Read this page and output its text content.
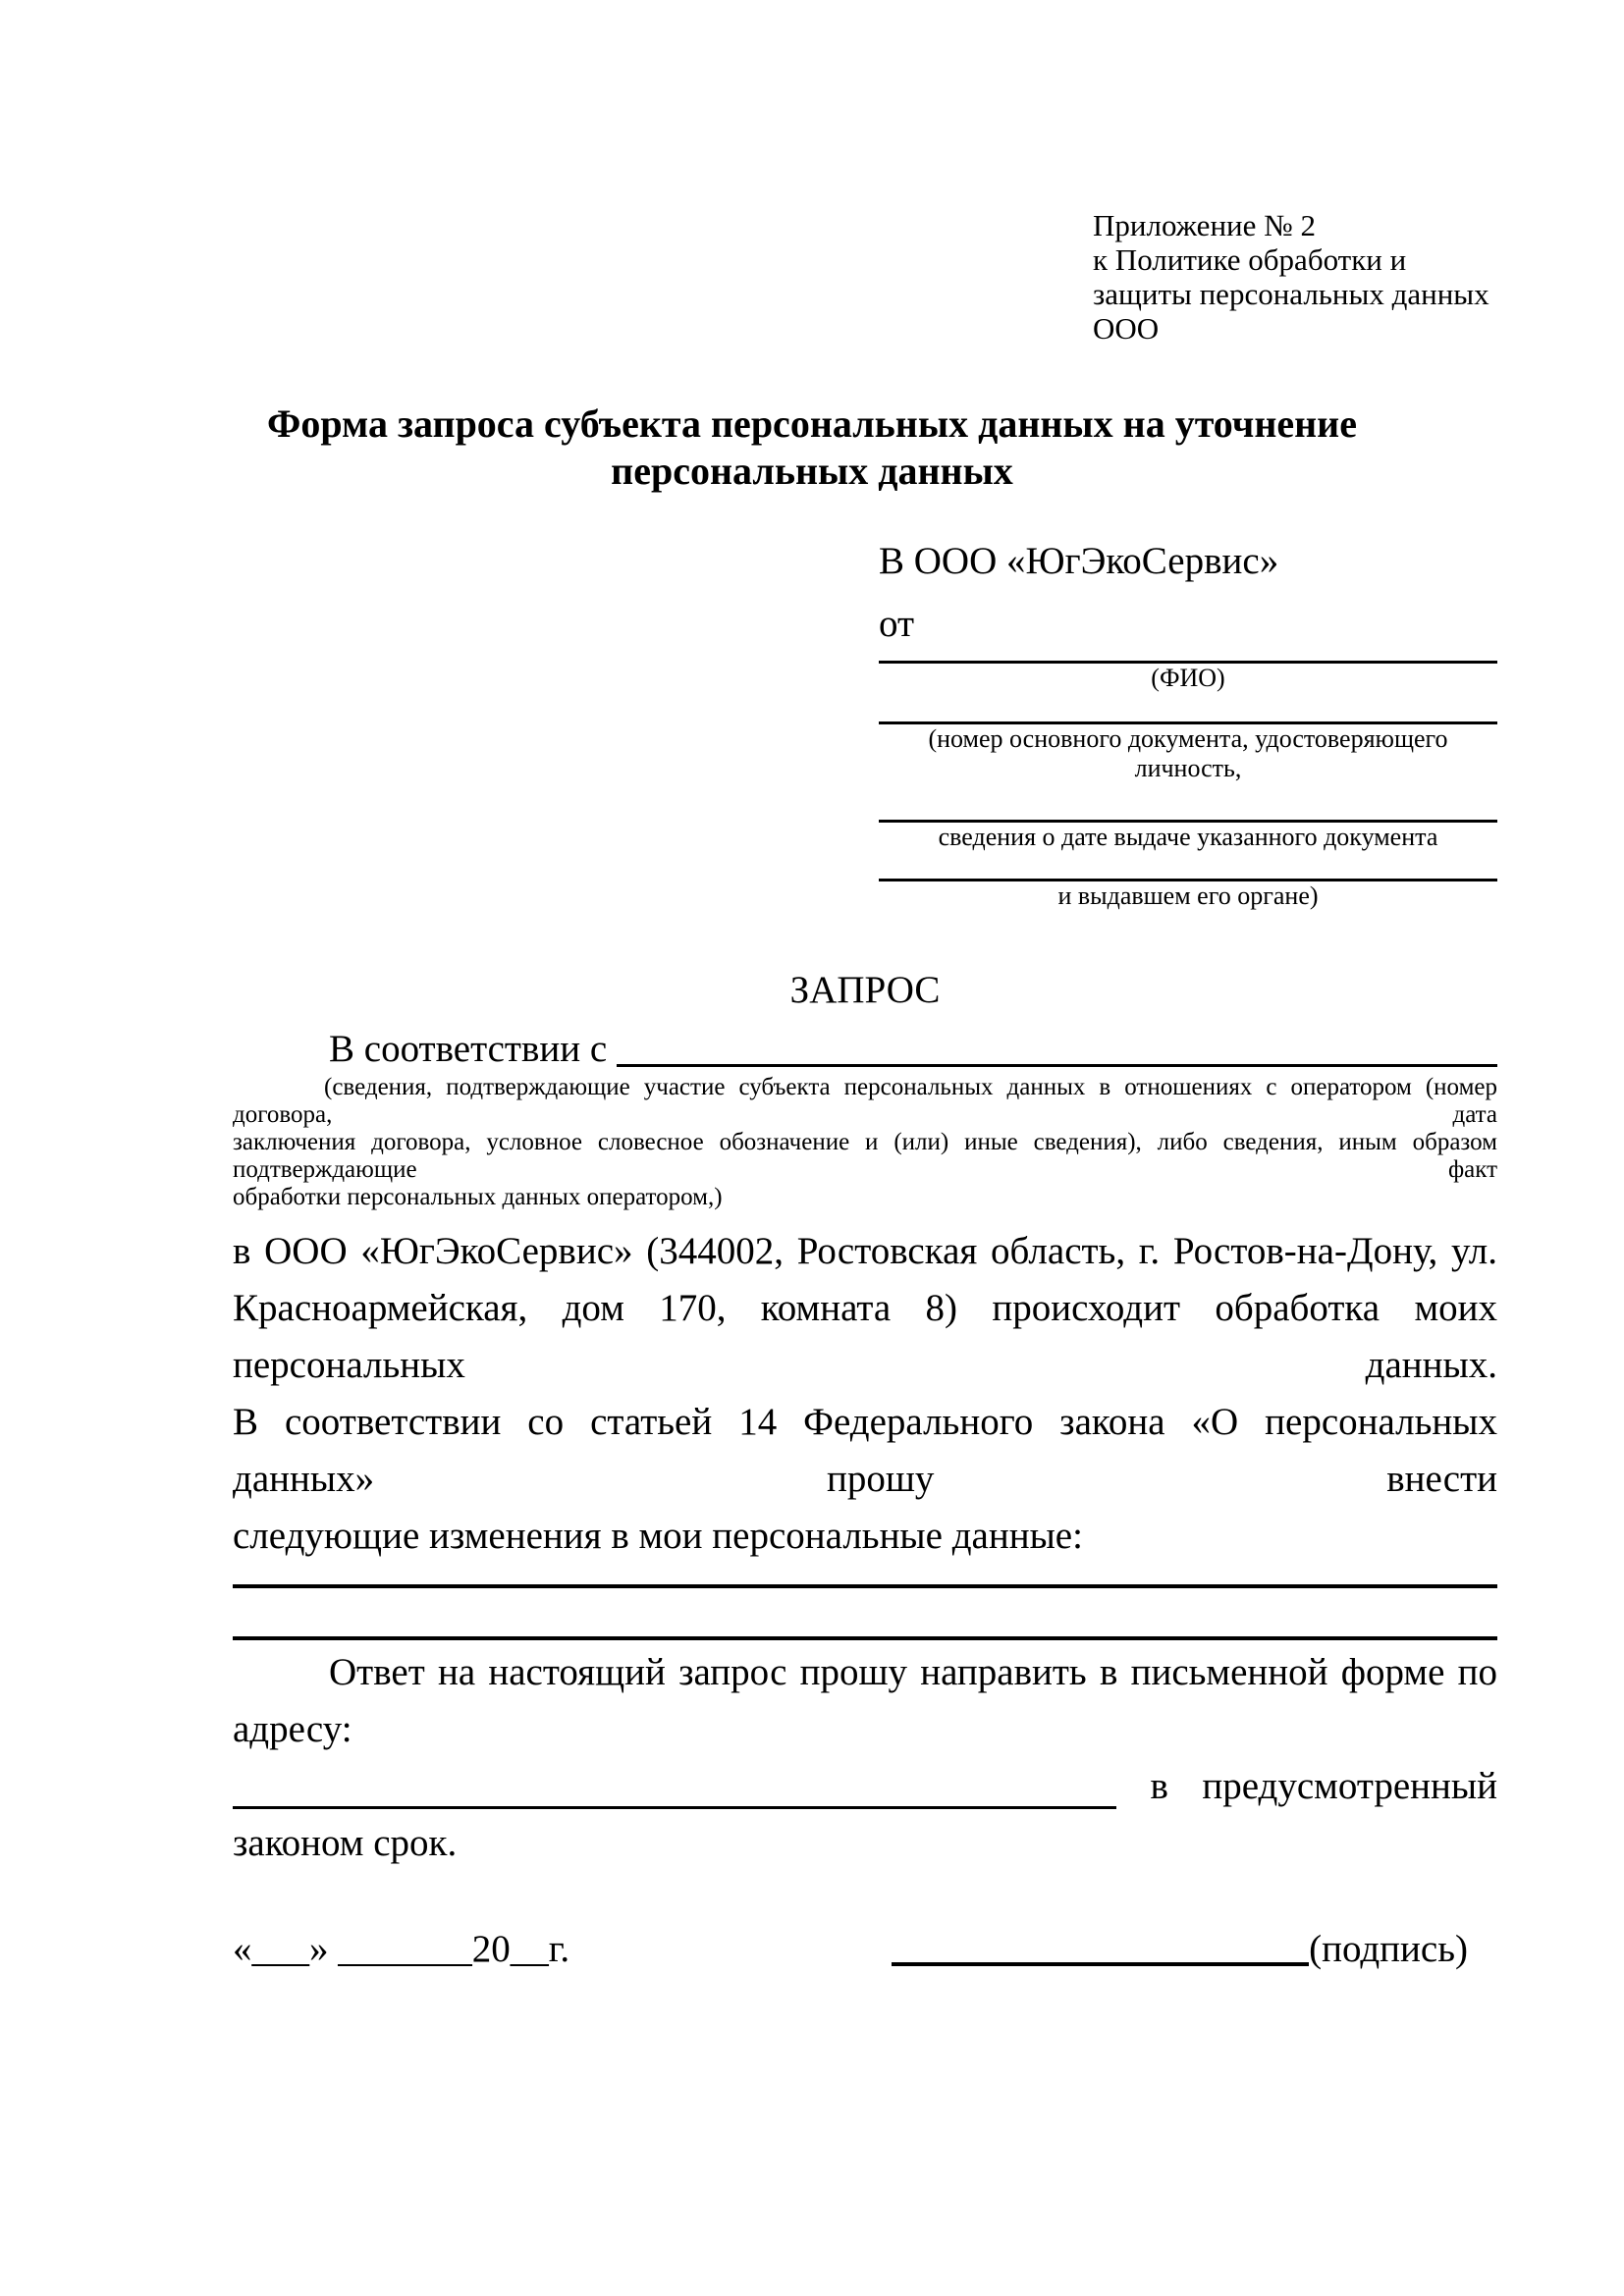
Приложение № 2
к Политике обработки и
защиты персональных данных
ООО
Форма запроса субъекта персональных данных на уточнение персональных данных
В ООО «ЮгЭкоСервис»
от
(ФИО)
(номер основного документа, удостоверяющего личность,
сведения о дате выдаче указанного документа
и выдавшем его органе)
ЗАПРОС
В соответствии с
(сведения, подтверждающие участие субъекта персональных данных в отношениях с оператором (номер договора, дата
заключения договора, условное словесное обозначение и (или) иные сведения), либо сведения, иным образом подтверждающие факт
обработки персональных данных оператором,)
в ООО «ЮгЭкоСервис» (344002, Ростовская область, г. Ростов-на-Дону, ул.
Красноармейская, дом 170, комната 8) происходит обработка моих персональных данных.
В соответствии со статьей 14 Федерального закона «О персональных данных» прошу внести
следующие изменения в мои персональные данные:
Ответ на настоящий запрос прошу направить в письменной форме по адресу:
в предусмотренный
законом срок.
«___» _______20__г.	(подпись)
